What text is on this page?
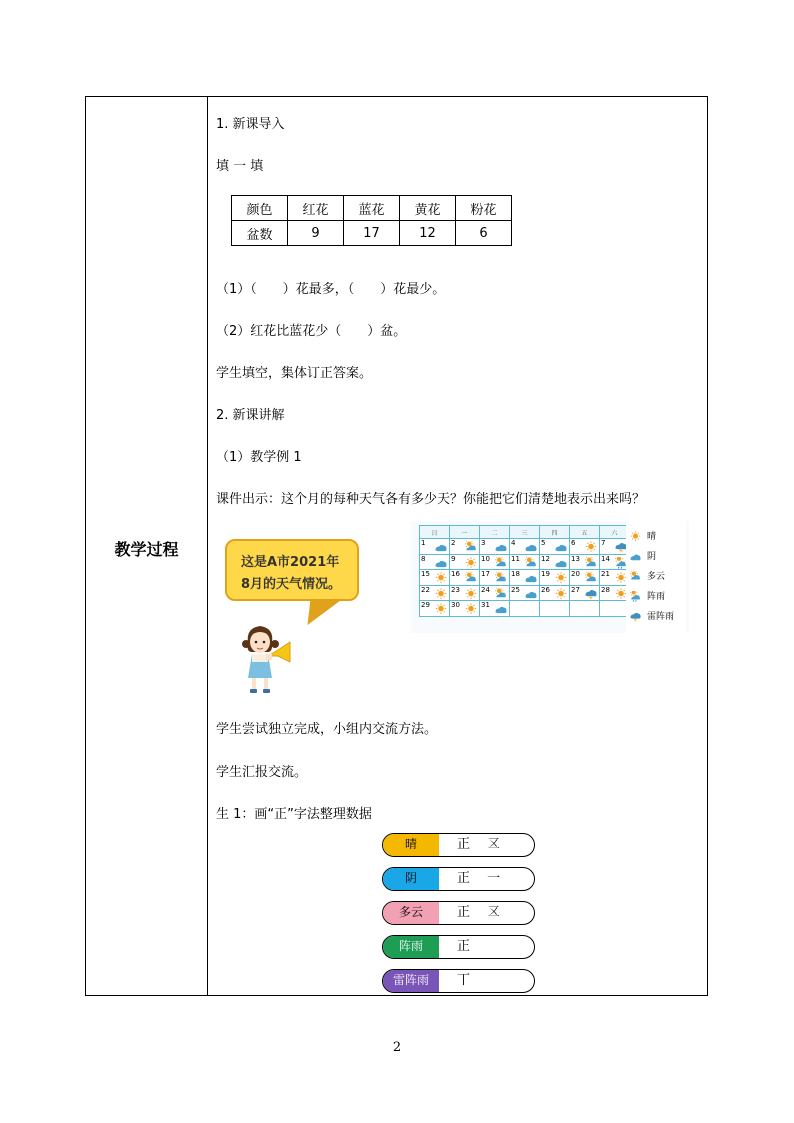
教学过程
1. 新课导入
填 一 填
颜色	红花	蓝花	黄花	粉花
盆数	9	17	12	6
（1）（　　）花最多，（　　）花最少。
（2）红花比蓝花少（　　）盆。
学生填空，集体订正答案。
2. 新课讲解
（1）教学例 1
课件出示：这个月的每种天气各有多少天？你能把它们清楚地表示出来吗？
这是A市2021年
8月的天气情况。
日	一	二	三	四	五	六

1	2	3	4	5	6	7

8	9	10	11	12	13	14

15	16	17	18	19	20	21

22	23	24	25	26	27	28

29	30	31				

晴
阴
多云
阵雨
雷阵雨
学生尝试独立完成，小组内交流方法。
学生汇报交流。
生 1：画“正”字法整理数据
晴	正　 𠄡
阴	正　 一
多云	正　 𠄡
阵雨	正
雷阵雨	丅
2
